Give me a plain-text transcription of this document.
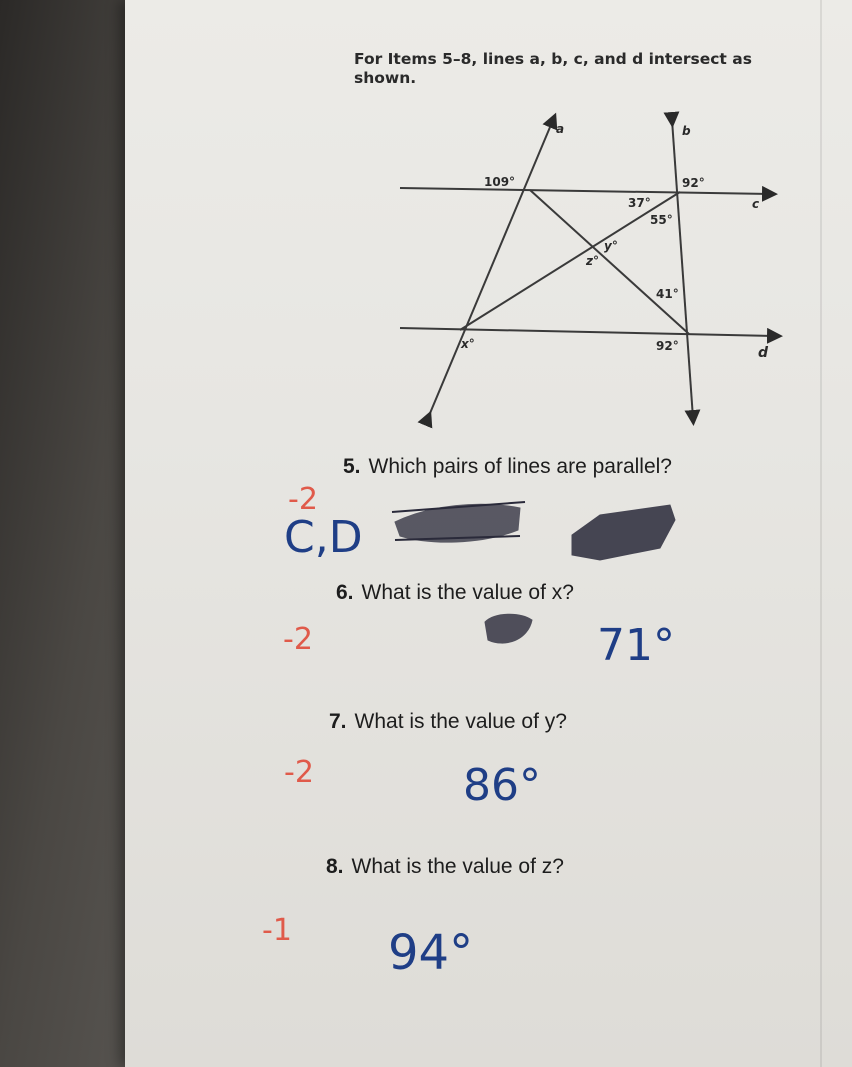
For Items 5–8, lines a, b, c, and d intersect as shown.

a	b
c
d
109°	92°
37°
55°
y°
z°
41°
x°	92°

5. Which pairs of lines are parallel?

6. What is the value of x?

7. What is the value of y?

8. What is the value of z?

-2
C,D
-2	71°
-2	86°
-1 94°
